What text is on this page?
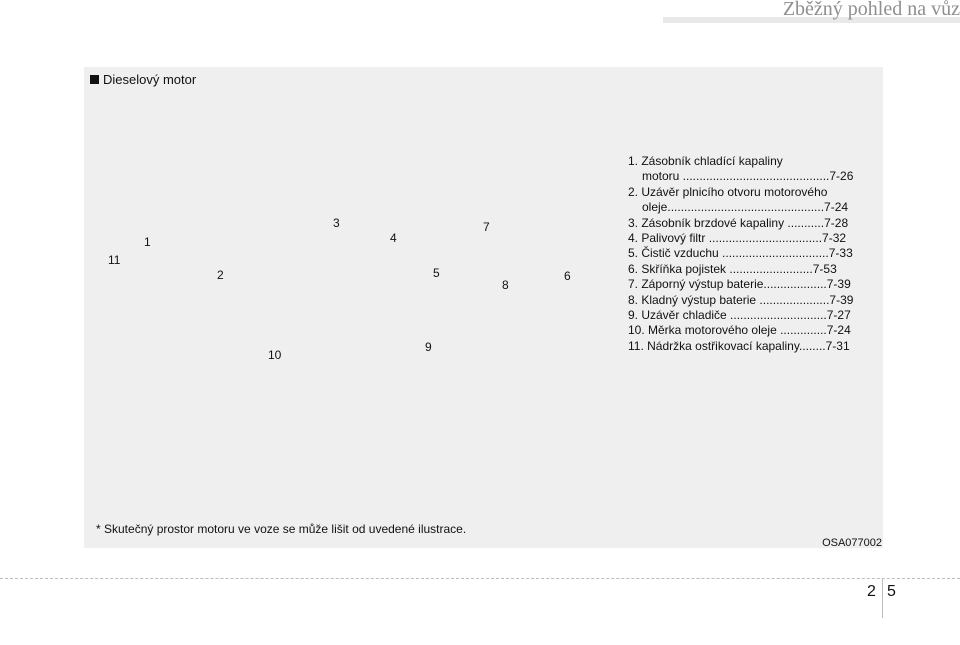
Zběžný pohled na vůz
Dieselový motor
1
2
3
4
5	6
7
8
9
10
11
1. Zásobník chladící kapaliny
motoru ............................................7-26
2. Uzávěr plnicího otvoru motorového
oleje...............................................7-24
3. Zásobník brzdové kapaliny ...........7-28
4. Palivový filtr ..................................7-32
5. Čistič vzduchu ................................7-33
6. Skříňka pojistek .........................7-53
7. Záporný výstup baterie...................7-39
8. Kladný výstup baterie .....................7-39
9. Uzávěr chladiče .............................7-27
10. Měrka motorového oleje ..............7-24
11. Nádržka ostřikovací kapaliny........7-31
* Skutečný prostor motoru ve voze se může lišit od uvedené ilustrace.
OSA077002
2 5
